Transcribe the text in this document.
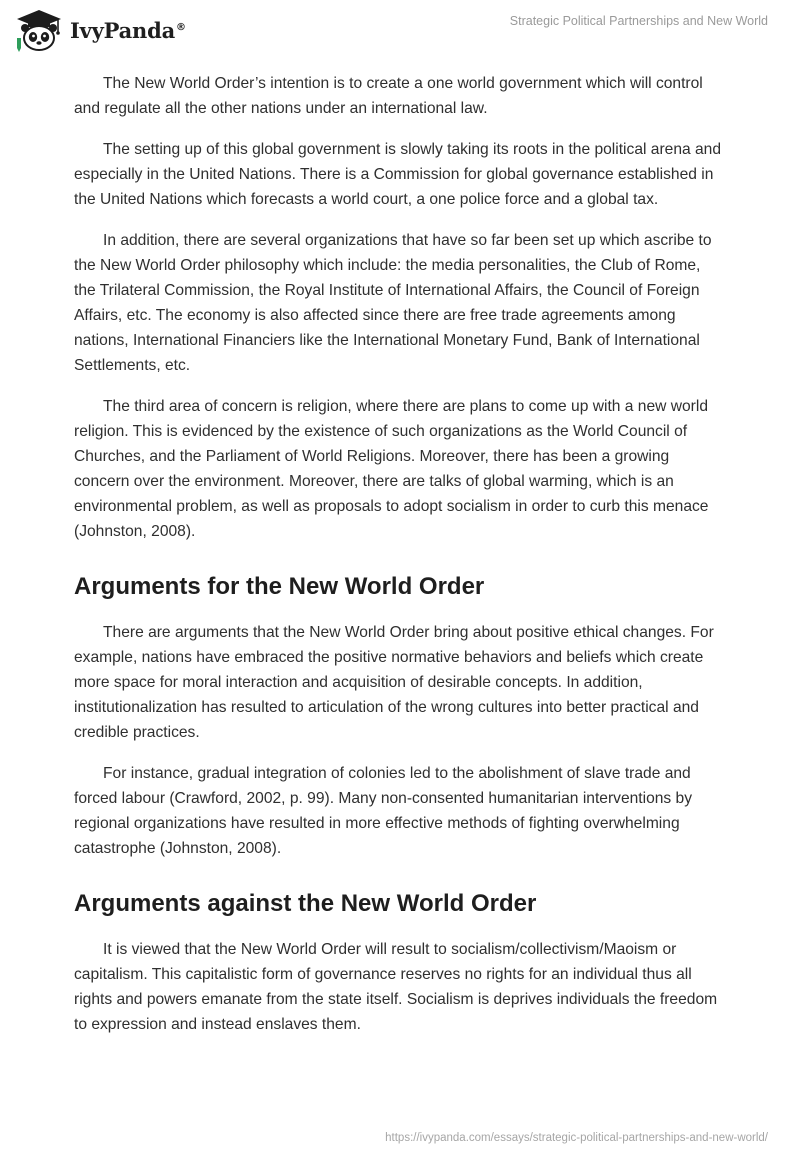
IvyPanda®	Strategic Political Partnerships and New World

The New World Order’s intention is to create a one world government which will control and regulate all the other nations under an international law.

The setting up of this global government is slowly taking its roots in the political arena and especially in the United Nations. There is a Commission for global governance established in the United Nations which forecasts a world court, a one police force and a global tax.

In addition, there are several organizations that have so far been set up which ascribe to the New World Order philosophy which include: the media personalities, the Club of Rome, the Trilateral Commission, the Royal Institute of International Affairs, the Council of Foreign Affairs, etc. The economy is also affected since there are free trade agreements among nations, International Financiers like the International Monetary Fund, Bank of International Settlements, etc.

The third area of concern is religion, where there are plans to come up with a new world religion. This is evidenced by the existence of such organizations as the World Council of Churches, and the Parliament of World Religions. Moreover, there has been a growing concern over the environment. Moreover, there are talks of global warming, which is an environmental problem, as well as proposals to adopt socialism in order to curb this menace (Johnston, 2008).

Arguments for the New World Order

There are arguments that the New World Order bring about positive ethical changes. For example, nations have embraced the positive normative behaviors and beliefs which create more space for moral interaction and acquisition of desirable concepts. In addition, institutionalization has resulted to articulation of the wrong cultures into better practical and credible practices.

For instance, gradual integration of colonies led to the abolishment of slave trade and forced labour (Crawford, 2002, p. 99). Many non-consented humanitarian interventions by regional organizations have resulted in more effective methods of fighting overwhelming catastrophe (Johnston, 2008).

Arguments against the New World Order

It is viewed that the New World Order will result to socialism/collectivism/Maoism or capitalism. This capitalistic form of governance reserves no rights for an individual thus all rights and powers emanate from the state itself. Socialism is deprives individuals the freedom to expression and instead enslaves them.

https://ivypanda.com/essays/strategic-political-partnerships-and-new-world/
